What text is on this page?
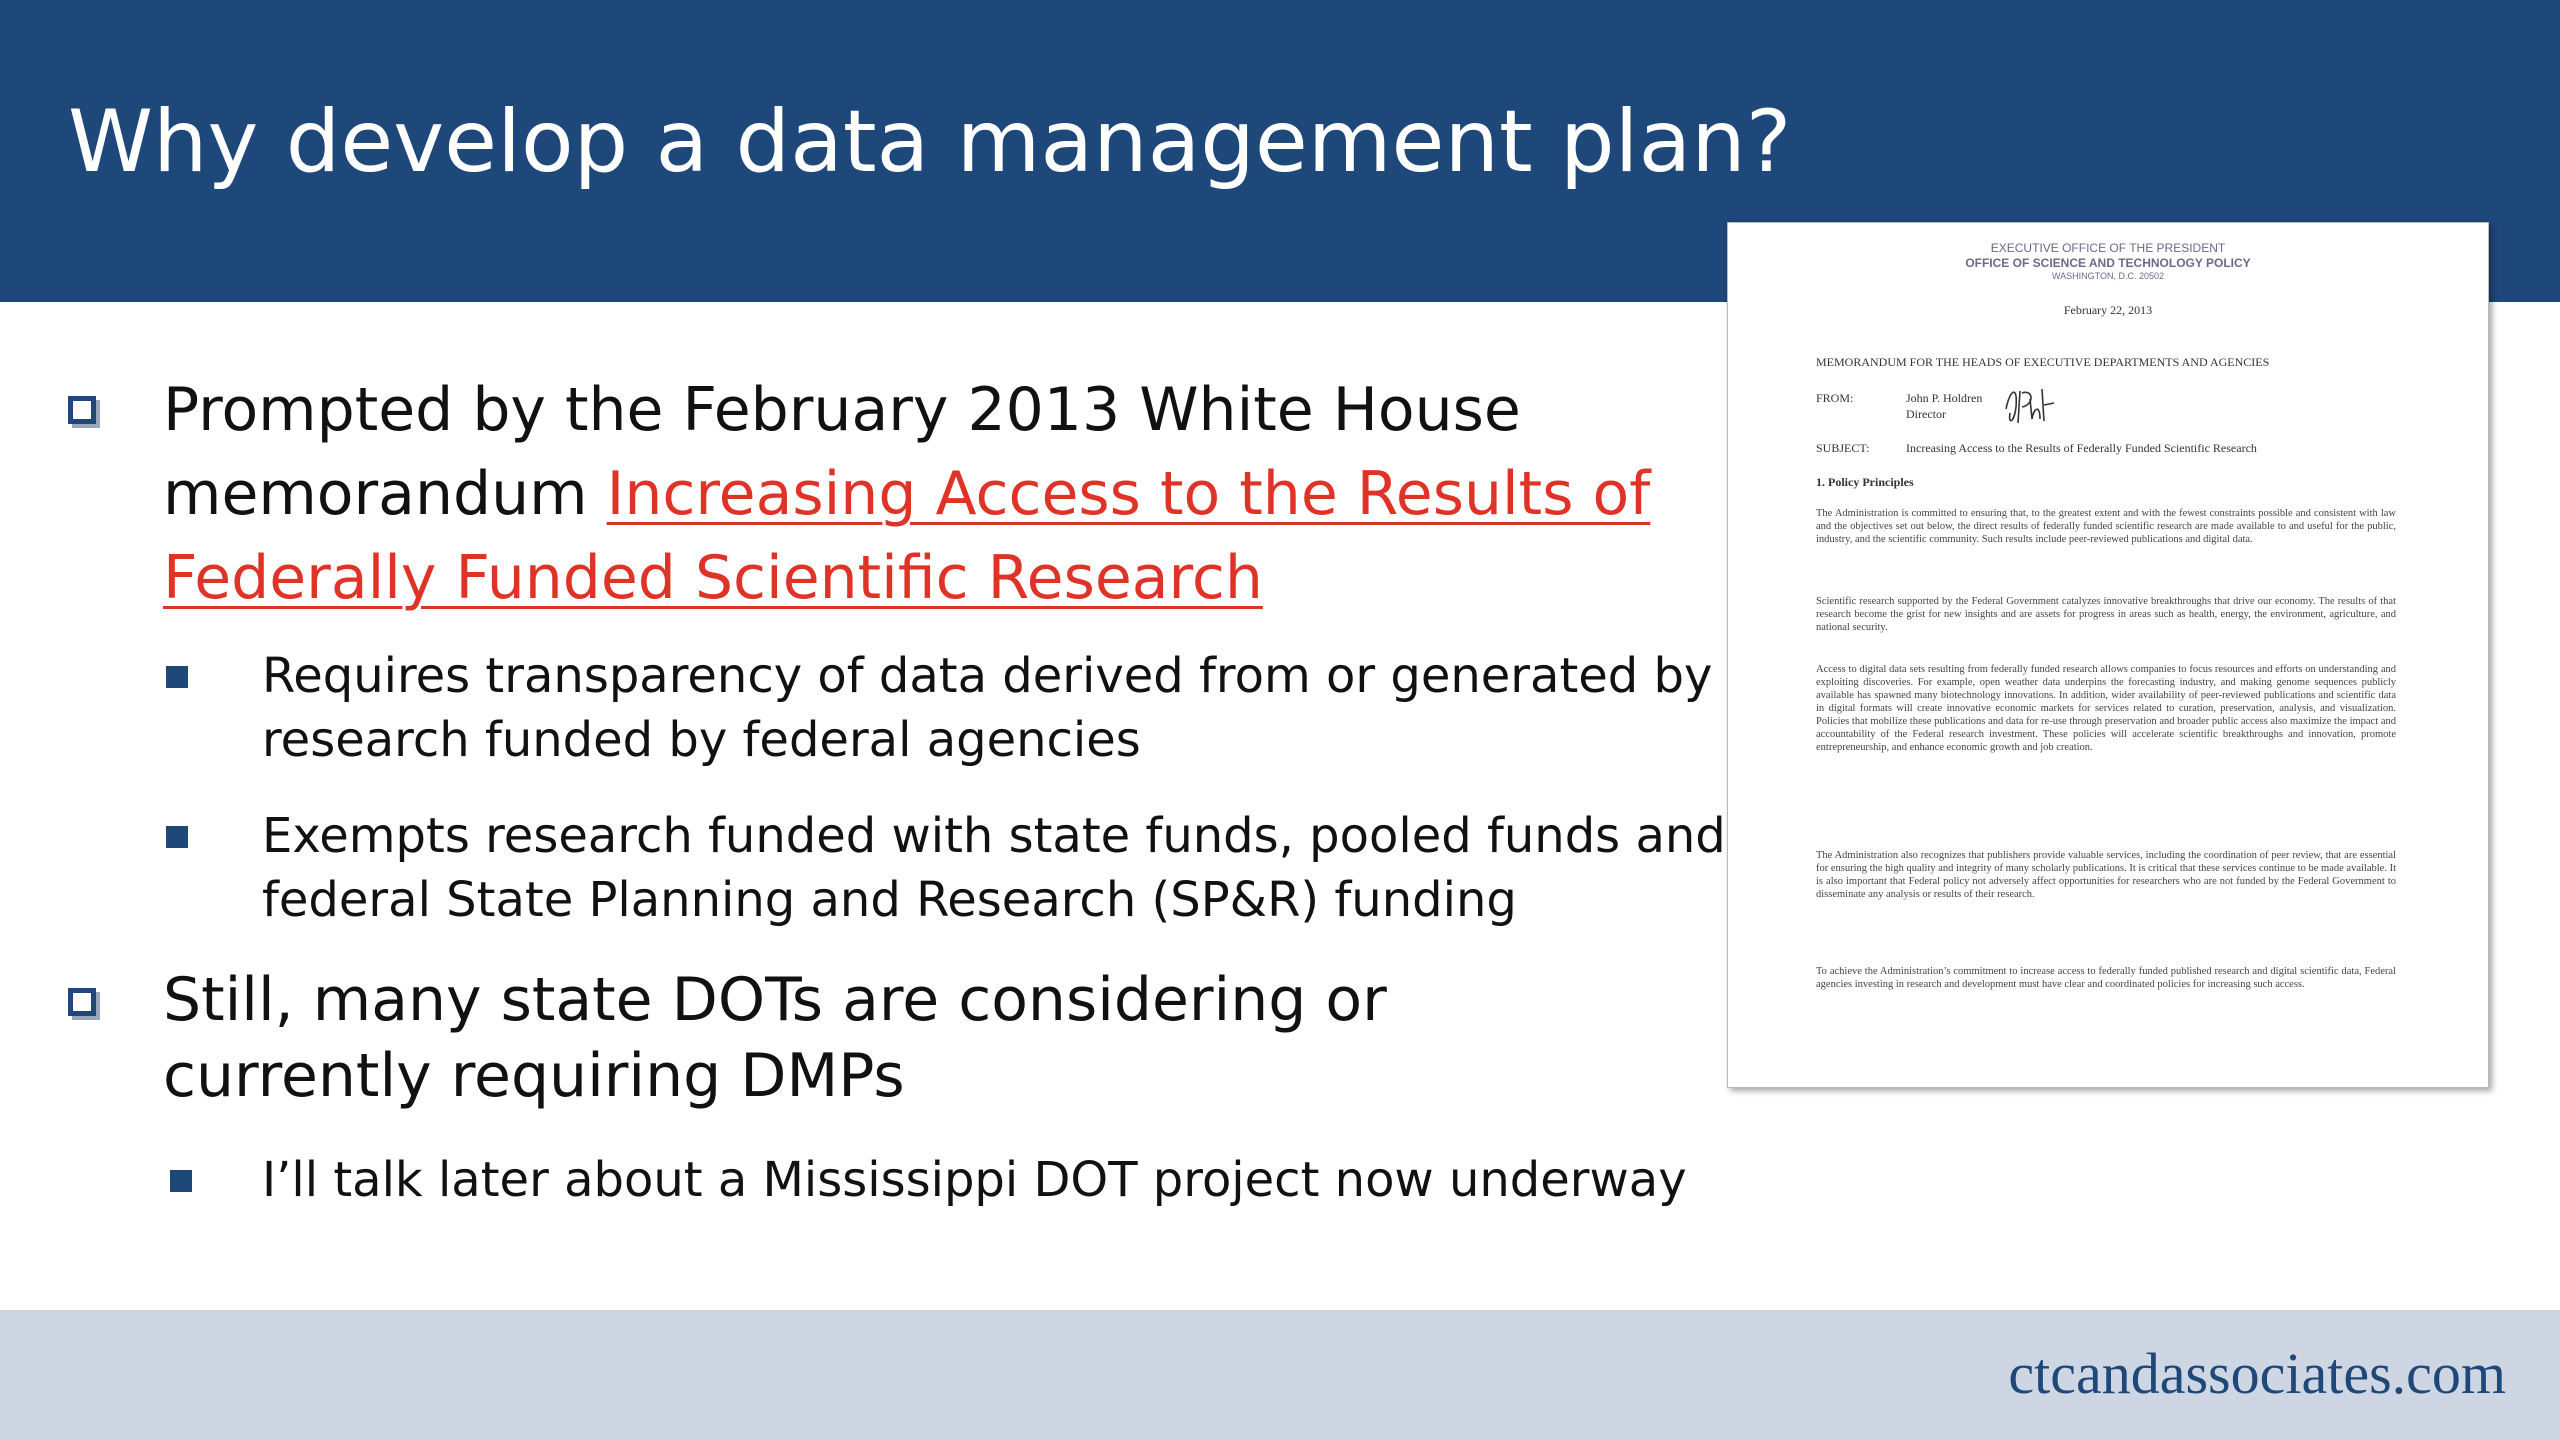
Why develop a data management plan?
Prompted by the February 2013 White House memorandum Increasing Access to the Results of Federally Funded Scientific Research
Requires transparency of data derived from or generated by research funded by federal agencies
Exempts research funded with state funds, pooled funds and federal State Planning and Research (SP&R) funding
Still, many state DOTs are considering or currently requiring DMPs
I’ll talk later about a Mississippi DOT project now underway
EXECUTIVE OFFICE OF THE PRESIDENT
OFFICE OF SCIENCE AND TECHNOLOGY POLICY
WASHINGTON, D.C. 20502
February 22, 2013
MEMORANDUM FOR THE HEADS OF EXECUTIVE DEPARTMENTS AND AGENCIES
FROM:	John P. Holdren
Director
SUBJECT:	Increasing Access to the Results of Federally Funded Scientific Research
1. Policy Principles
The Administration is committed to ensuring that, to the greatest extent and with the fewest constraints possible and consistent with law and the objectives set out below, the direct results of federally funded scientific research are made available to and useful for the public, industry, and the scientific community. Such results include peer-reviewed publications and digital data.
Scientific research supported by the Federal Government catalyzes innovative breakthroughs that drive our economy. The results of that research become the grist for new insights and are assets for progress in areas such as health, energy, the environment, agriculture, and national security.
Access to digital data sets resulting from federally funded research allows companies to focus resources and efforts on understanding and exploiting discoveries. For example, open weather data underpins the forecasting industry, and making genome sequences publicly available has spawned many biotechnology innovations. In addition, wider availability of peer-reviewed publications and scientific data in digital formats will create innovative economic markets for services related to curation, preservation, analysis, and visualization. Policies that mobilize these publications and data for re-use through preservation and broader public access also maximize the impact and accountability of the Federal research investment. These policies will accelerate scientific breakthroughs and innovation, promote entrepreneurship, and enhance economic growth and job creation.
The Administration also recognizes that publishers provide valuable services, including the coordination of peer review, that are essential for ensuring the high quality and integrity of many scholarly publications. It is critical that these services continue to be made available. It is also important that Federal policy not adversely affect opportunities for researchers who are not funded by the Federal Government to disseminate any analysis or results of their research.
To achieve the Administration’s commitment to increase access to federally funded published research and digital scientific data, Federal agencies investing in research and development must have clear and coordinated policies for increasing such access.
ctcandassociates.com
